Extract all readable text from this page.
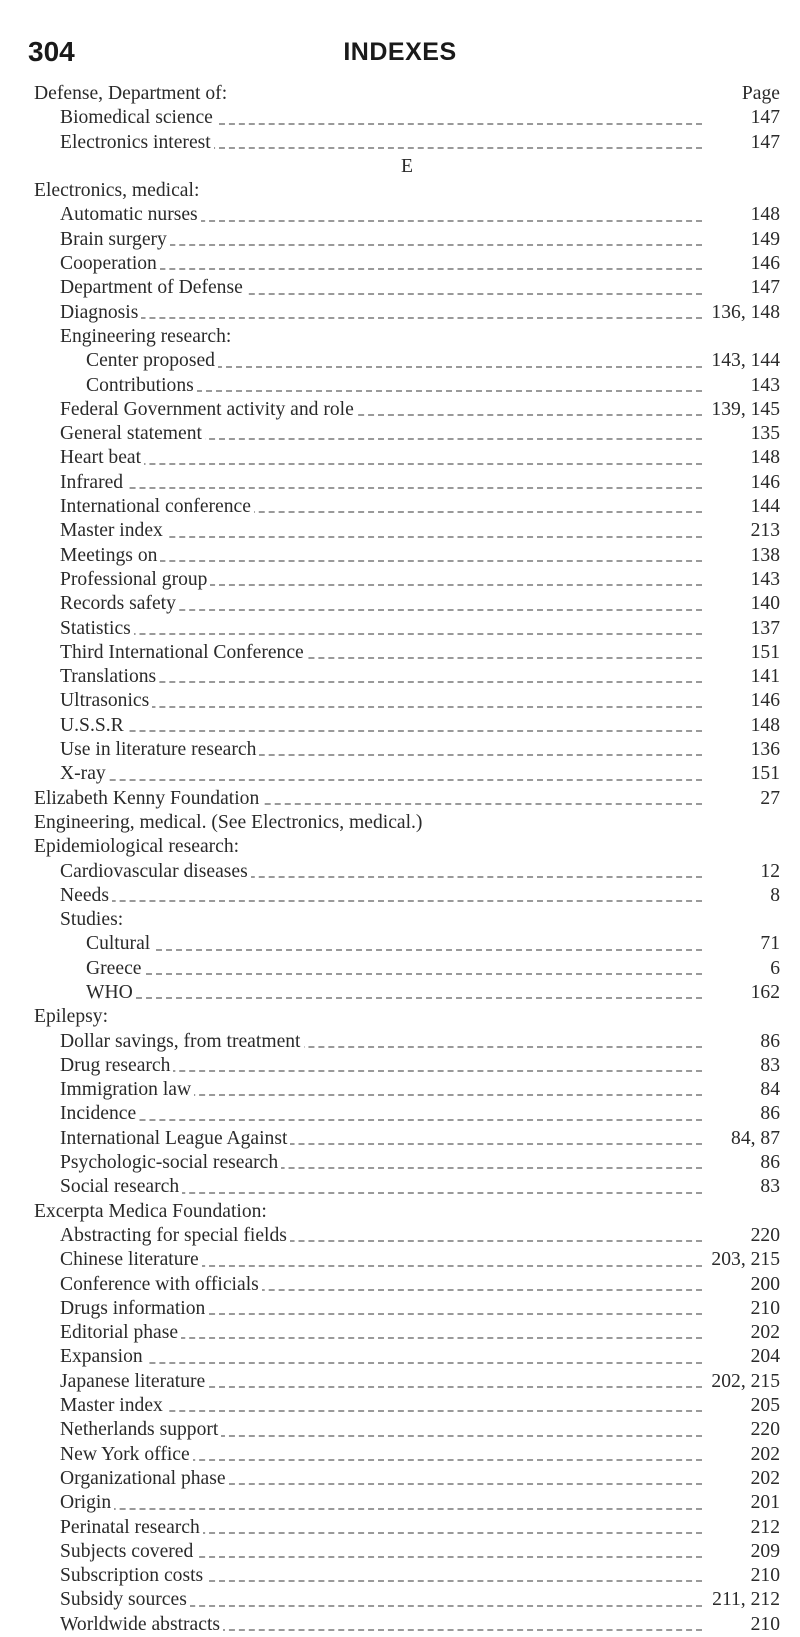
304	INDEXES
Defense, Department of:	Page
Biomedical science	147
Electronics interest	147
E
Electronics, medical:
Automatic nurses	148
Brain surgery	149
Cooperation	146
Department of Defense	147
Diagnosis	136, 148
Engineering research:
Center proposed	143, 144
Contributions	143
Federal Government activity and role	139, 145
General statement	135
Heart beat	148
Infrared	146
International conference	144
Master index	213
Meetings on	138
Professional group	143
Records safety	140
Statistics	137
Third International Conference	151
Translations	141
Ultrasonics	146
U.S.S.R	148
Use in literature research	136
X-ray	151
Elizabeth Kenny Foundation	27
Engineering, medical. (See Electronics, medical.)
Epidemiological research:
Cardiovascular diseases	12
Needs	8
Studies:
Cultural	71
Greece	6
WHO	162
Epilepsy:
Dollar savings, from treatment	86
Drug research	83
Immigration law	84
Incidence	86
International League Against	84, 87
Psychologic-social research	86
Social research	83
Excerpta Medica Foundation:
Abstracting for special fields	220
Chinese literature	203, 215
Conference with officials	200
Drugs information	210
Editorial phase	202
Expansion	204
Japanese literature	202, 215
Master index	205
Netherlands support	220
New York office	202
Organizational phase	202
Origin	201
Perinatal research	212
Subjects covered	209
Subscription costs	210
Subsidy sources	211, 212
Worldwide abstracts	210
